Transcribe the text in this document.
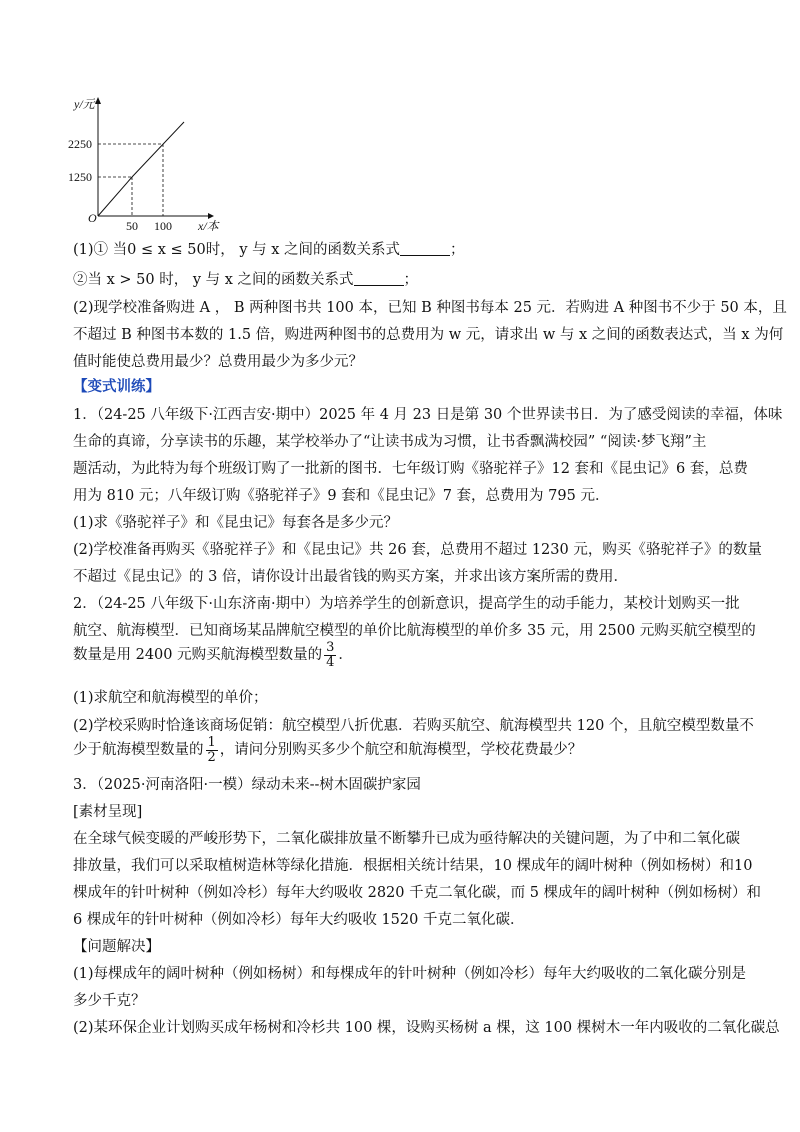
y/元
x/本
O
2250
1250
50 100
(1)① 当0 ≤ x ≤ 50时， y 与 x 之间的函数关系式	；
②当 x > 50 时， y 与 x 之间的函数关系式	；
(2)现学校准备购进 A ， B 两种图书共 100 本，已知 B 种图书每本 25 元．若购进 A 种图书不少于 50 本，且
不超过 B 种图书本数的 1.5 倍，购进两种图书的总费用为 w 元，请求出 w 与 x 之间的函数表达式，当 x 为何
值时能使总费用最少？总费用最少为多少元？
【变式训练】
1．（24-25 八年级下·江西吉安·期中）2025 年 4 月 23 日是第 30 个世界读书日．为了感受阅读的幸福，体味
生命的真谛，分享读书的乐趣，某学校举办了“让读书成为习惯，让书香飘满校园” “阅读·梦飞翔”主
题活动，为此特为每个班级订购了一批新的图书．七年级订购《骆驼祥子》12 套和《昆虫记》6 套，总费
用为 810 元；八年级订购《骆驼祥子》9 套和《昆虫记》7 套，总费用为 795 元．
(1)求《骆驼祥子》和《昆虫记》每套各是多少元？
(2)学校准备再购买《骆驼祥子》和《昆虫记》共 26 套，总费用不超过 1230 元，购买《骆驼祥子》的数量
不超过《昆虫记》的 3 倍，请你设计出最省钱的购买方案，并求出该方案所需的费用．
2．（24-25 八年级下·山东济南·期中）为培养学生的创新意识，提高学生的动手能力，某校计划购买一批
航空、航海模型．已知商场某品牌航空模型的单价比航海模型的单价多 35 元，用 2500 元购买航空模型的
数量是用 2400 元购买航海模型数量的 $\frac{3}{4}$ ．
(1)求航空和航海模型的单价；
(2)学校采购时恰逢该商场促销：航空模型八折优惠．若购买航空、航海模型共 120 个，且航空模型数量不
少于航海模型数量的 $\frac{1}{2}$ ，请问分别购买多少个航空和航海模型，学校花费最少？
3．（2025·河南洛阳·一模）绿动未来--树木固碳护家园
[素材呈现]
在全球气候变暖的严峻形势下，二氧化碳排放量不断攀升已成为亟待解决的关键问题，为了中和二氧化碳
排放量，我们可以采取植树造林等绿化措施．根据相关统计结果，10 棵成年的阔叶树种（例如杨树）和10
棵成年的针叶树种（例如冷杉）每年大约吸收 2820 千克二氧化碳，而 5 棵成年的阔叶树种（例如杨树）和
6 棵成年的针叶树种（例如冷杉）每年大约吸收 1520 千克二氧化碳．
【问题解决】
(1)每棵成年的阔叶树种（例如杨树）和每棵成年的针叶树种（例如冷杉）每年大约吸收的二氧化碳分别是
多少千克？
(2)某环保企业计划购买成年杨树和冷杉共 100 棵，设购买杨树 a 棵，这 100 棵树木一年内吸收的二氧化碳总
